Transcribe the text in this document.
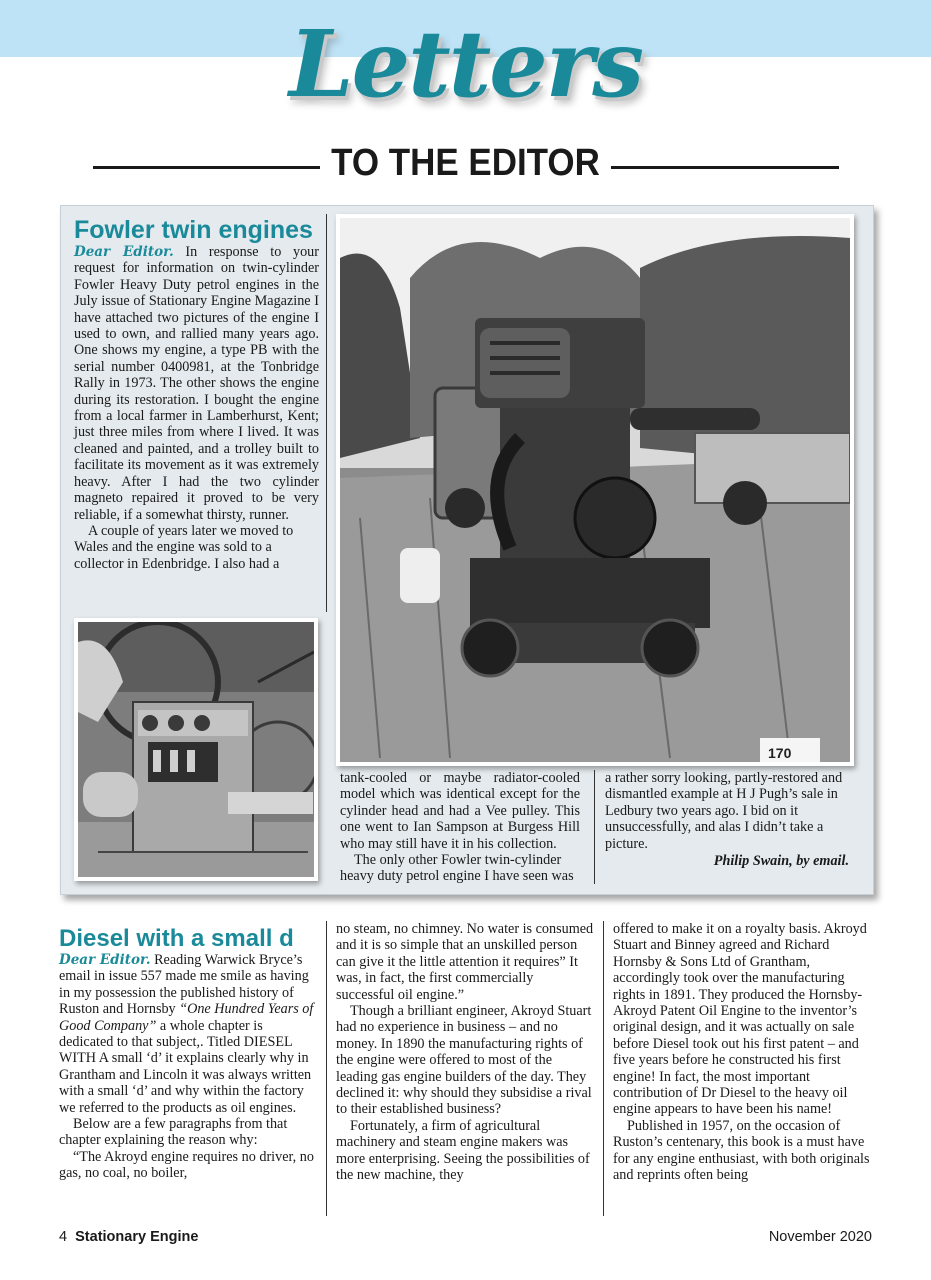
Letters
TO THE EDITOR
Fowler twin engines

Dear Editor. In response to your request for information on twin-cylinder Fowler Heavy Duty petrol engines in the July issue of Stationary Engine Magazine I have attached two pictures of the engine I used to own, and rallied many years ago. One shows my engine, a type PB with the serial number 0400981, at the Tonbridge Rally in 1973. The other shows the engine during its restoration. I bought the engine from a local farmer in Lamberhurst, Kent; just three miles from where I lived. It was cleaned and painted, and a trolley built to facilitate its movement as it was extremely heavy. After I had the two cylinder magneto repaired it proved to be very reliable, if a somewhat thirsty, runner.

A couple of years later we moved to Wales and the engine was sold to a collector in Edenbridge. I also had a

170

tank-cooled or maybe radiator-cooled model which was identical except for the cylinder head and had a Vee pulley. This one went to Ian Sampson at Burgess Hill who may still have it in his collection.

The only other Fowler twin-cylinder heavy duty petrol engine I have seen was

a rather sorry looking, partly-restored and dismantled example at H J Pugh’s sale in Ledbury two years ago. I bid on it unsuccessfully, and alas I didn’t take a picture.

Philip Swain, by email.

Diesel with a small d

Dear Editor. Reading Warwick Bryce’s email in issue 557 made me smile as having in my possession the published history of Ruston and Hornsby “One Hundred Years of Good Company” a whole chapter is dedicated to that subject,. Titled DIESEL WITH A small ‘d’ it explains clearly why in Grantham and Lincoln it was always written with a small ‘d’ and why within the factory we referred to the products as oil engines.

Below are a few paragraphs from that chapter explaining the reason why:

“The Akroyd engine requires no driver, no gas, no coal, no boiler,

no steam, no chimney. No water is consumed and it is so simple that an unskilled person can give it the little attention it requires” It was, in fact, the first commercially successful oil engine.”

Though a brilliant engineer, Akroyd Stuart had no experience in business – and no money. In 1890 the manufacturing rights of the engine were offered to most of the leading gas engine builders of the day. They declined it: why should they subsidise a rival to their established business?

Fortunately, a firm of agricultural machinery and steam engine makers was more enterprising. Seeing the possibilities of the new machine, they

offered to make it on a royalty basis. Akroyd Stuart and Binney agreed and Richard Hornsby & Sons Ltd of Grantham, accordingly took over the manufacturing rights in 1891. They produced the Hornsby-Akroyd Patent Oil Engine to the inventor’s original design, and it was actually on sale before Diesel took out his first patent – and five years before he constructed his first engine! In fact, the most important contribution of Dr Diesel to the heavy oil engine appears to have been his name!

Published in 1957, on the occasion of Ruston’s centenary, this book is a must have for any engine enthusiast, with both originals and reprints often being

4 Stationary Engine	November 2020
